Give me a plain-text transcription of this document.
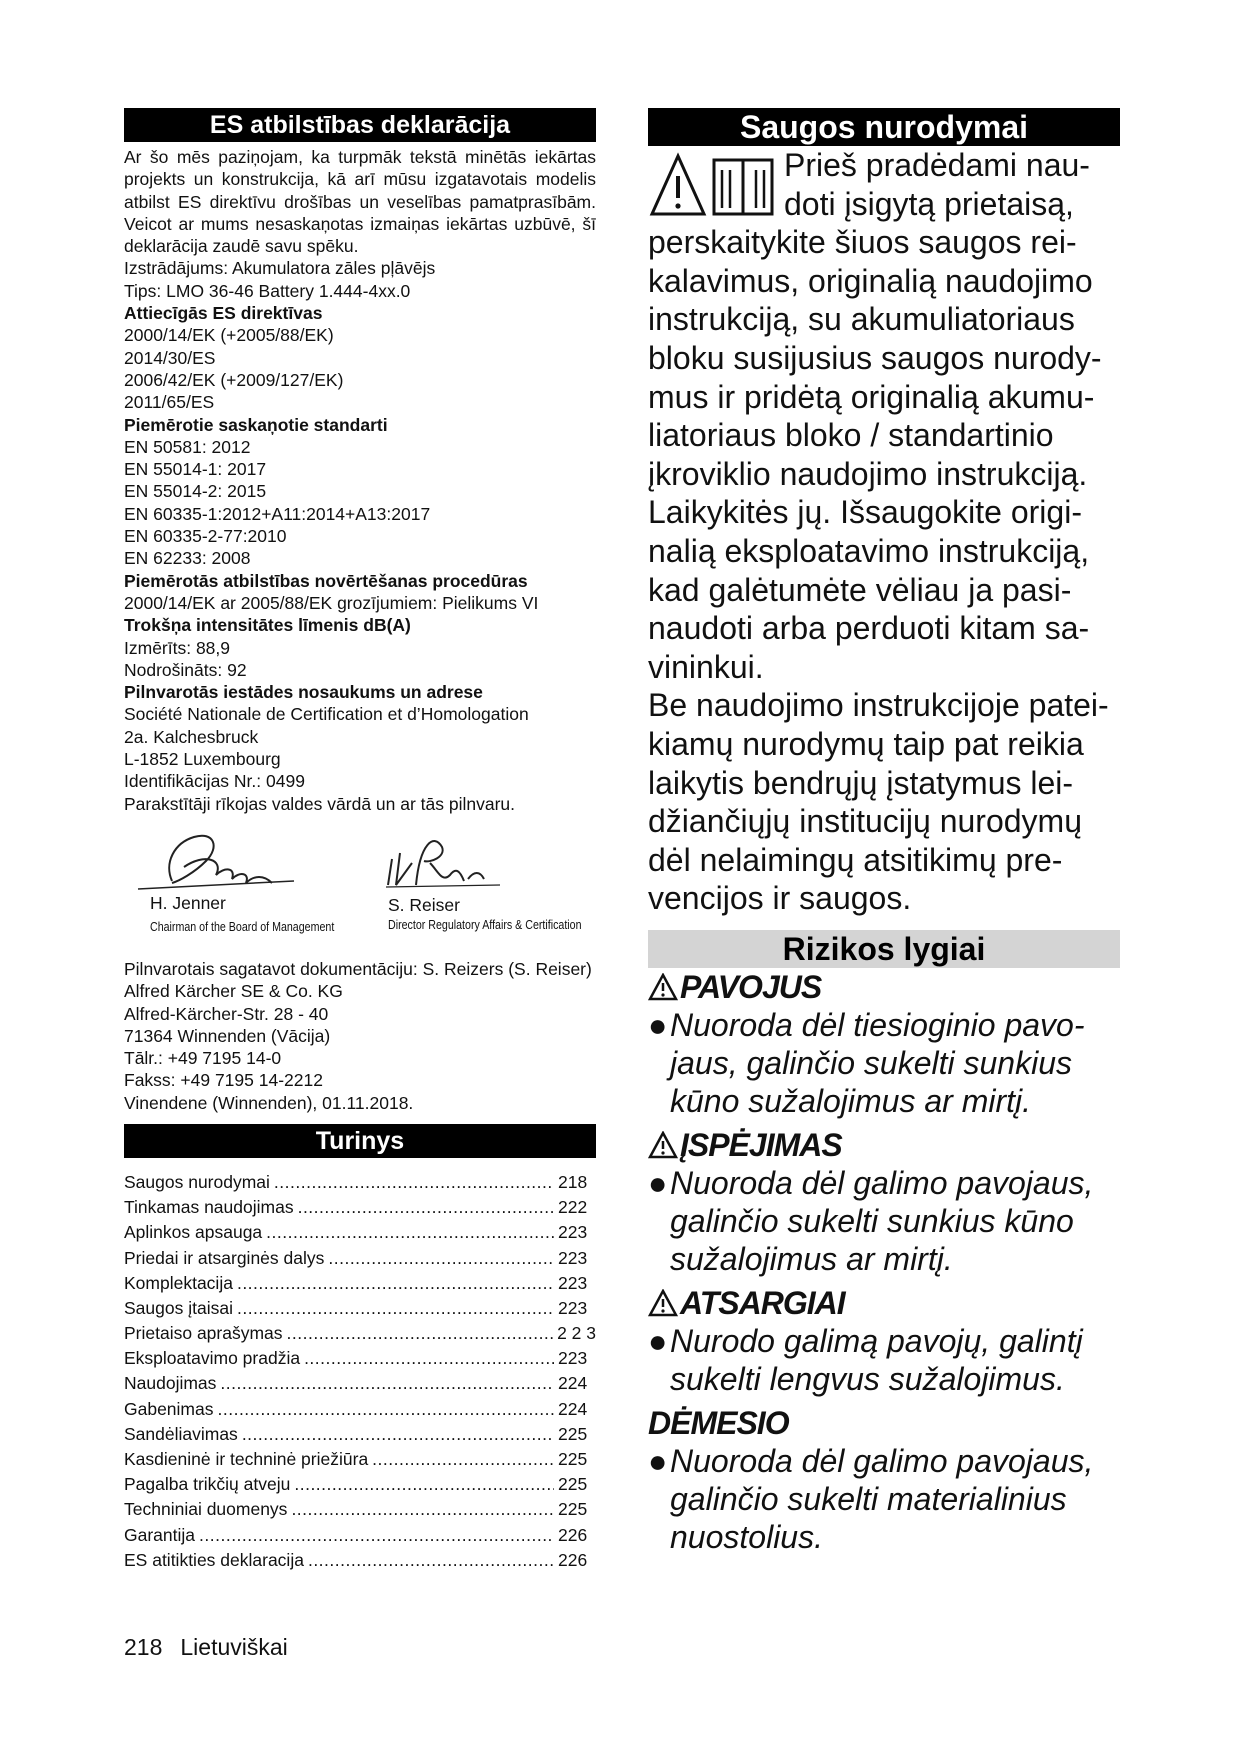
ES atbilstības deklarācija

Ar šo mēs paziņojam, ka turpmāk tekstā minētās iekārtas projekts un konstrukcija, kā arī mūsu izgatavotais modelis atbilst ES direktīvu drošības un veselības pamatprasībām. Veicot ar mums nesaskaņotas izmaiņas iekārtas uzbūvē, šī deklarācija zaudē savu spēku.

Izstrādājums: Akumulatora zāles pļāvējs

Tips: LMO 36-46 Battery 1.444-4xx.0

Attiecīgās ES direktīvas

2000/14/EK (+2005/88/EK)

2014/30/ES

2006/42/EK (+2009/127/EK)

2011/65/ES

Piemērotie saskaņotie standarti

EN 50581: 2012

EN 55014-1: 2017

EN 55014-2: 2015

EN 60335-1:2012+A11:2014+A13:2017

EN 60335-2-77:2010

EN 62233: 2008

Piemērotās atbilstības novērtēšanas procedūras

2000/14/EK ar 2005/88/EK grozījumiem: Pielikums VI

Trokšņa intensitātes līmenis dB(A)

Izmērīts: 88,9

Nodrošināts: 92

Pilnvarotās iestādes nosaukums un adrese

Société Nationale de Certification et d’Homologation

2a. Kalchesbruck

L-1852 Luxembourg

Identifikācijas Nr.: 0499

Parakstītāji rīkojas valdes vārdā un ar tās pilnvaru.

H. Jenner
Chairman of the Board of Management
S. Reiser
Director Regulatory Affairs & Certification

Pilnvarotais sagatavot dokumentāciju: S. Reizers (S. Reiser)

Alfred Kärcher SE & Co. KG

Alfred-Kärcher-Str. 28 - 40

71364 Winnenden (Vācija)

Tālr.: +49 7195 14-0

Fakss: +49 7195 14-2212

Vinendene (Winnenden), 01.11.2018.

Turinys
Saugos nurodymai .....	218
Tinkamas naudojimas .....	222
Aplinkos apsauga .....	223
Priedai ir atsarginės dalys .....	223
Komplektacija .....	223
Saugos įtaisai .....	223
Prietaiso aprašymas .....	2 2 3
Eksploatavimo pradžia .....	223
Naudojimas .....	224
Gabenimas .....	224
Sandėliavimas .....	225
Kasdieninė ir techninė priežiūra .....	225
Pagalba trikčių atveju .....	225
Techniniai duomenys .....	225
Garantija .....	226
ES atitikties deklaracija .....	226
Saugos nurodymai

Prieš pradėdami nau-

doti įsigytą prietaisą,

perskaitykite šiuos saugos rei-

kalavimus, originalią naudojimo

instrukciją, su akumuliatoriaus

bloku susijusius saugos nurody-

mus ir pridėtą originalią akumu-

liatoriaus bloko / standartinio

įkroviklio naudojimo instrukciją.

Laikykitės jų. Išsaugokite origi-

nalią eksploatavimo instrukciją,

kad galėtumėte vėliau ja pasi-

naudoti arba perduoti kitam sa-

vininkui.

Be naudojimo instrukcijoje patei-

kiamų nurodymų taip pat reikia

laikytis bendrųjų įstatymus lei-

džiančiųjų institucijų nurodymų

dėl nelaimingų atsitikimų pre-

vencijos ir saugos.

Rizikos lygiai
PAVOJUS
● Nuoroda dėl tiesioginio pavo-
jaus, galinčio sukelti sunkius
kūno sužalojimus ar mirtį.
ĮSPĖJIMAS
● Nuoroda dėl galimo pavojaus,
galinčio sukelti sunkius kūno
sužalojimus ar mirtį.
ATSARGIAI
● Nurodo galimą pavojų, galintį
sukelti lengvus sužalojimus.
DĖMESIO
● Nuoroda dėl galimo pavojaus,
galinčio sukelti materialinius
nuostolius.
218 Lietuviškai
